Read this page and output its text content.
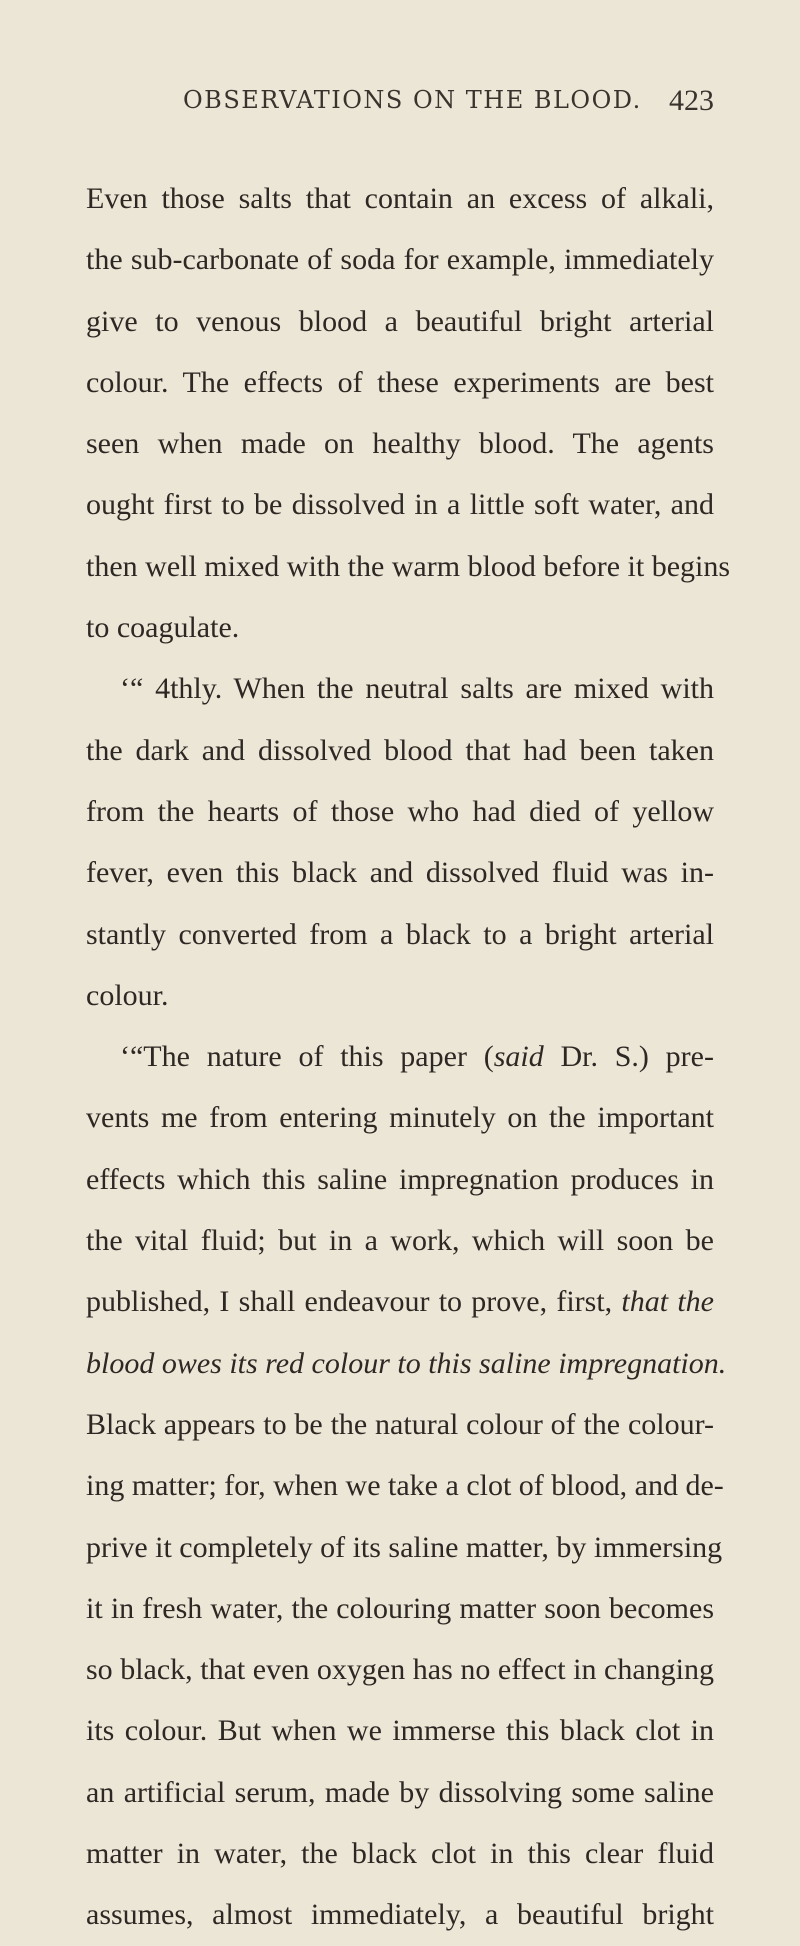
OBSERVATIONS ON THE BLOOD. 423
Even those salts that contain an excess of alkali,
the sub-carbonate of soda for example, immediately
give to venous blood a beautiful bright arterial
colour. The effects of these experiments are best
seen when made on healthy blood. The agents
ought first to be dissolved in a little soft water, and
then well mixed with the warm blood before it begins
to coagulate.
‘“ 4thly. When the neutral salts are mixed with
the dark and dissolved blood that had been taken
from the hearts of those who had died of yellow
fever, even this black and dissolved fluid was in-
stantly converted from a black to a bright arterial
colour.
‘“The nature of this paper (said Dr. S.) pre-
vents me from entering minutely on the important
effects which this saline impregnation produces in
the vital fluid; but in a work, which will soon be
published, I shall endeavour to prove, first, that the
blood owes its red colour to this saline impregnation.
Black appears to be the natural colour of the colour-
ing matter; for, when we take a clot of blood, and de-
prive it completely of its saline matter, by immersing
it in fresh water, the colouring matter soon becomes
so black, that even oxygen has no effect in changing
its colour. But when we immerse this black clot in
an artificial serum, made by dissolving some saline
matter in water, the black clot in this clear fluid
assumes, almost immediately, a beautiful bright
